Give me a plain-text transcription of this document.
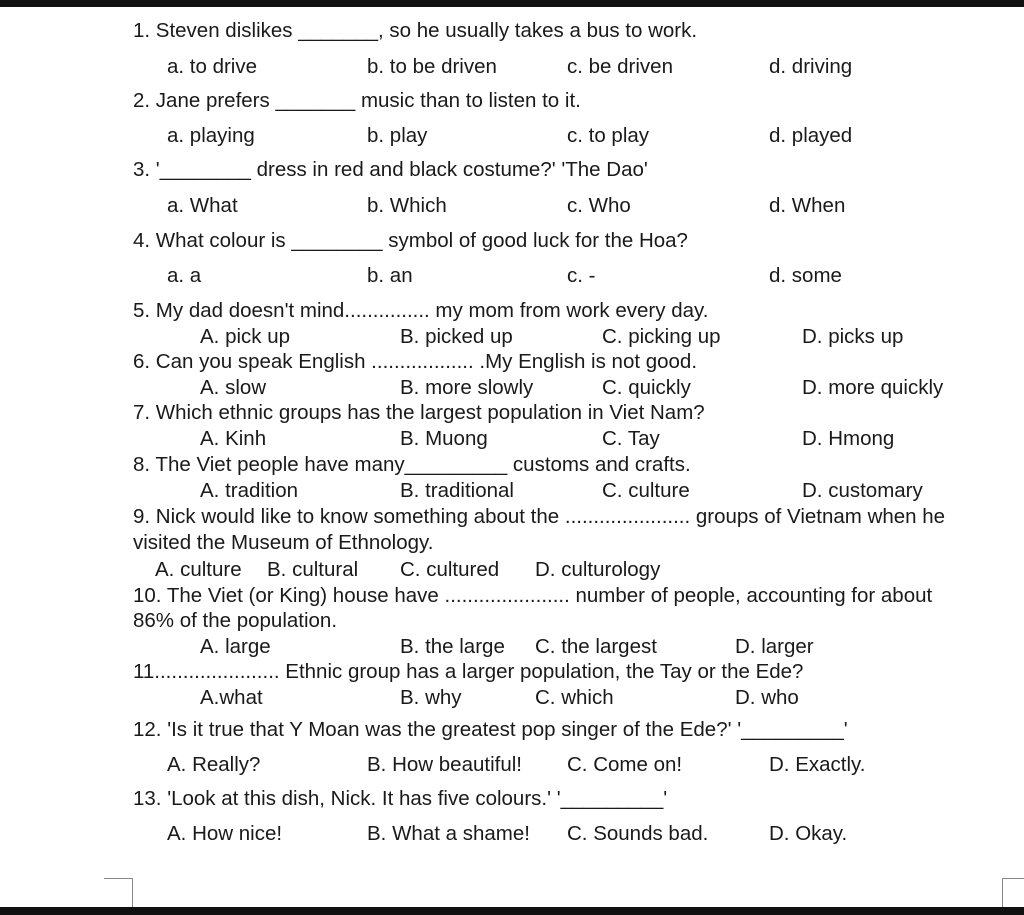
1. Steven dislikes _______, so he usually takes a bus to work.
a. to drive	b. to be driven	c. be driven	d. driving
2. Jane prefers _______ music than to listen to it.
a. playing	b. play	c. to play	d. played
3. '________ dress in red and black costume?' 'The Dao'
a. What	b. Which	c. Who	d. When
4. What colour is ________ symbol of good luck for the Hoa?
a. a	b. an	c. -	d. some
5. My dad doesn't mind............... my mom from work every day.
A. pick up	B. picked up	C. picking up	D. picks up
6. Can you speak English .................. .My English is not good.
A. slow	B. more slowly	C. quickly	D. more quickly
7. Which ethnic groups has the largest population in Viet Nam?
A. Kinh	B. Muong	C. Tay	D. Hmong
8. The Viet people have many_________ customs and crafts.
A. tradition	B. traditional	C. culture	D. customary
9. Nick would like to know something about the ...................... groups of Vietnam when he
visited the Museum of Ethnology.
A. culture B. cultural C. cultured D. culturology
10. The Viet (or King) house have ...................... number of people, accounting for about
86% of the population.
A. large	B. the large C. the largest	D. larger
11...................... Ethnic group has a larger population, the Tay or the Ede?
A.what	B. why	C. which	D. who
12. 'Is it true that Y Moan was the greatest pop singer of the Ede?' '_________'
A. Really?	B. How beautiful! C. Come on!	D. Exactly.
13. 'Look at this dish, Nick. It has five colours.' '_________'
A. How nice!	B. What a shame! C. Sounds bad.	D. Okay.
